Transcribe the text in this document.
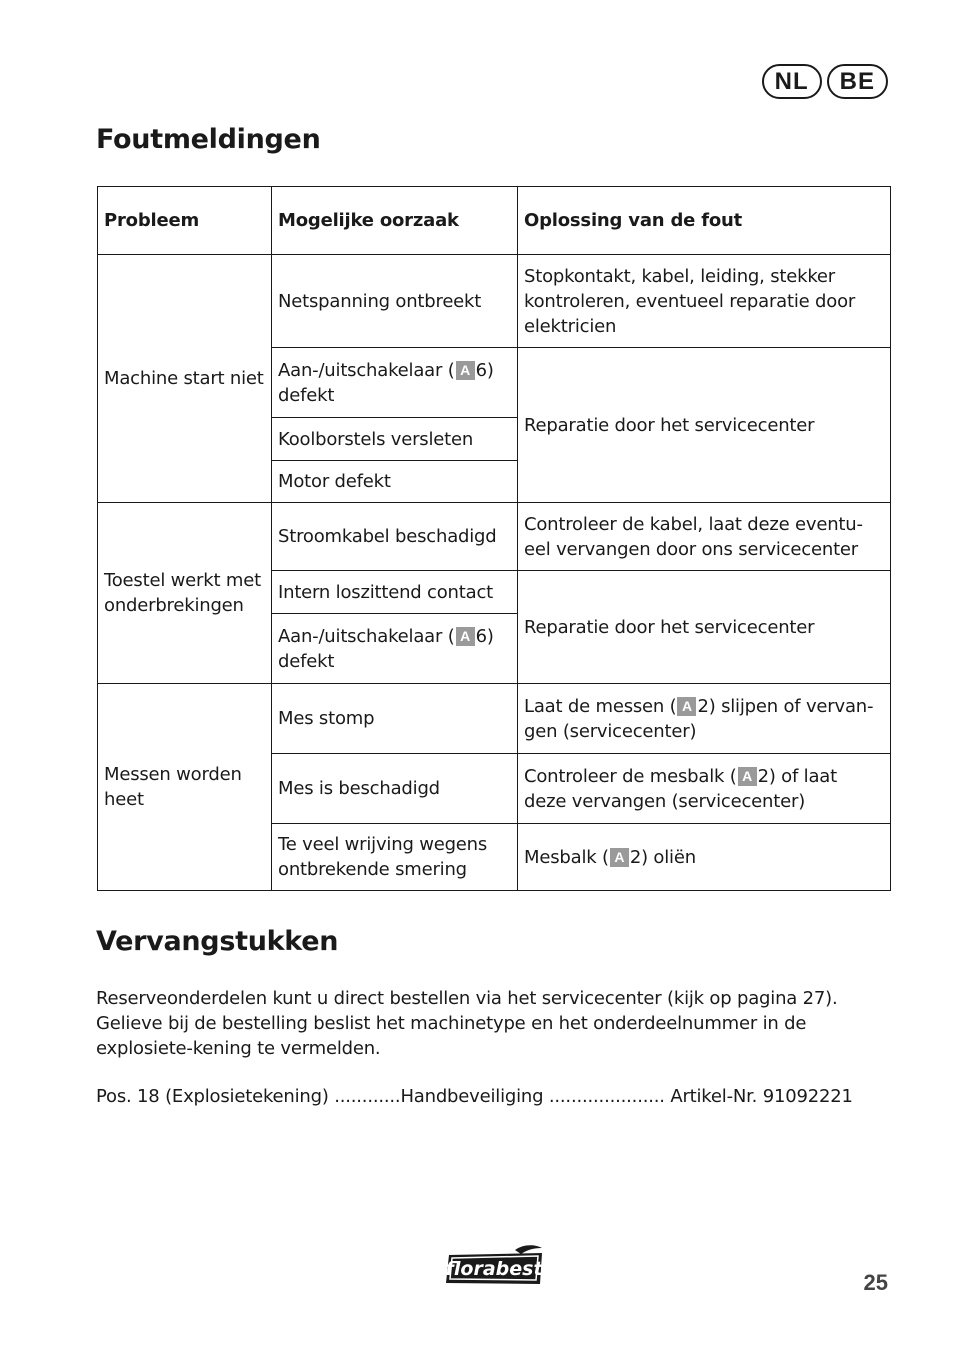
NL	BE
Foutmeldingen
Probleem	Mogelijke oorzaak	Oplossing van de fout
Machine start niet	Netspanning ontbreekt	Stopkontakt, kabel, leiding, stekker kontroleren, eventueel reparatie door elektricien
	Aan-/uitschakelaar ( A 6) defekt	Reparatie door het servicecenter
	Koolborstels versleten	
	Motor defekt	
Toestel werkt met onderbrekingen	Stroomkabel beschadigd	Controleer de kabel, laat deze eventu-eel vervangen door ons servicecenter
	Intern loszittend contact	Reparatie door het servicecenter
	Aan-/uitschakelaar ( A 6) defekt	
Messen worden heet	Mes stomp	Laat de messen ( A 2) slijpen of vervan-gen (servicecenter)
	Mes is beschadigd	Controleer de mesbalk ( A 2) of laat deze vervangen (servicecenter)
	Te veel wrijving wegens ontbrekende smering	Mesbalk ( A 2) oliën
Vervangstukken

Reserveonderdelen kunt u direct bestellen via het servicecenter (kijk op pagina 27). Gelieve bij de bestelling beslist het machinetype en het onderdeelnummer in de explosiete-kening te vermelden.

Pos. 18 (Explosietekening) ............Handbeveiliging ..................... Artikel-Nr. 91092221

florabest
25
